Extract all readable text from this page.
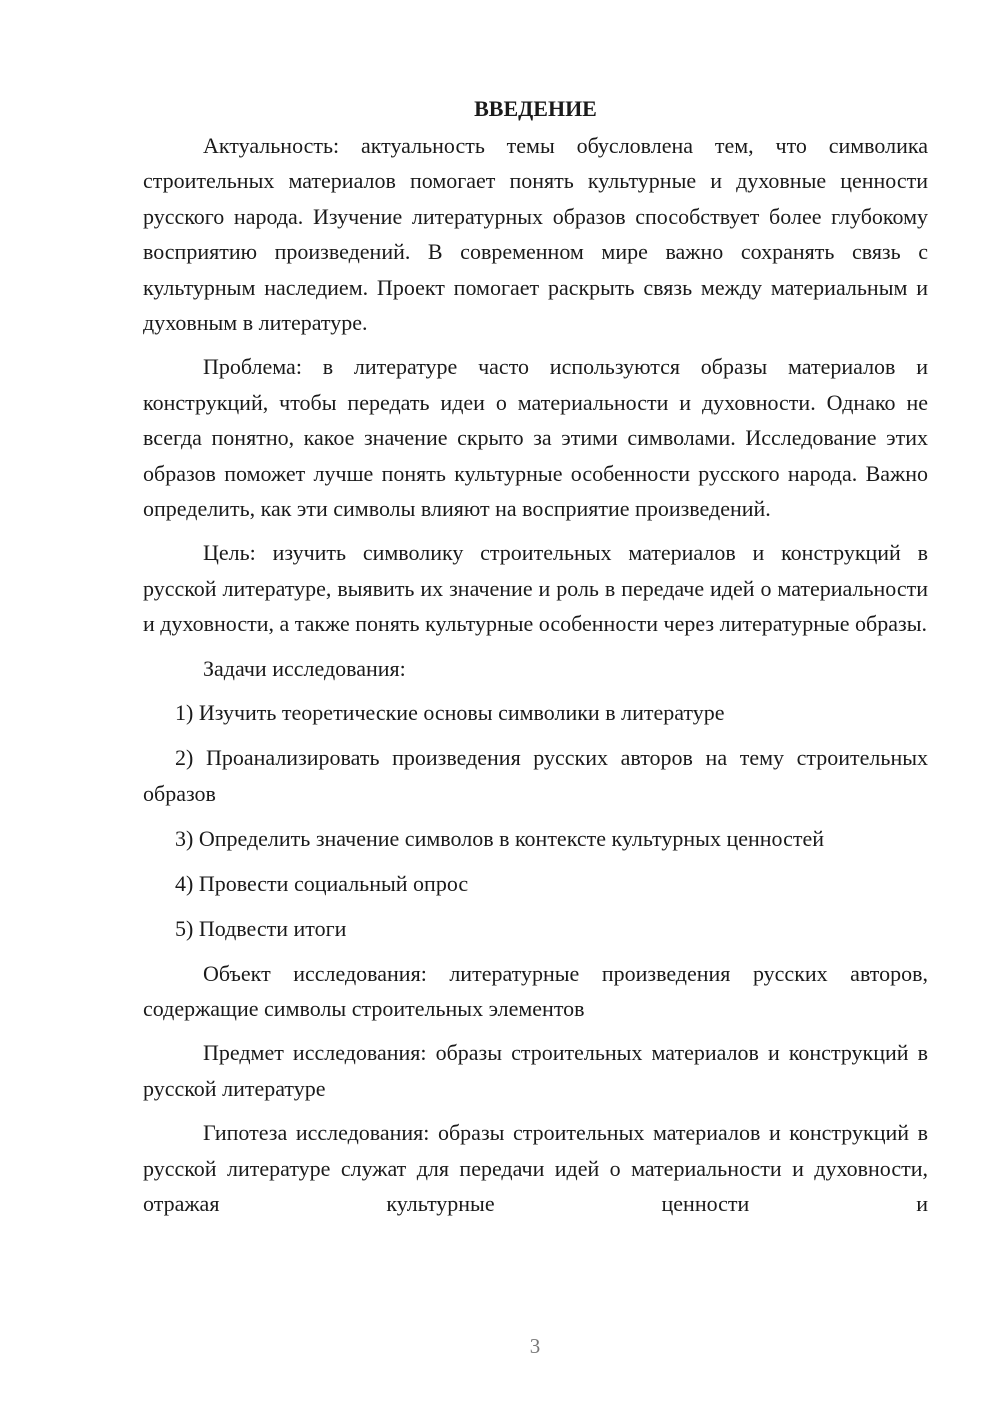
ВВЕДЕНИЕ

Актуальность: актуальность темы обусловлена тем, что символика строительных материалов помогает понять культурные и духовные ценности русского народа. Изучение литературных образов способствует более глубокому восприятию произведений. В современном мире важно сохранять связь с культурным наследием. Проект помогает раскрыть связь между материальным и духовным в литературе.

Проблема: в литературе часто используются образы материалов и конструкций, чтобы передать идеи о материальности и духовности. Однако не всегда понятно, какое значение скрыто за этими символами. Исследование этих образов поможет лучше понять культурные особенности русского народа. Важно определить, как эти символы влияют на восприятие произведений.

Цель: изучить символику строительных материалов и конструкций в русской литературе, выявить их значение и роль в передаче идей о материальности и духовности, а также понять культурные особенности через литературные образы.

Задачи исследования:

1) Изучить теоретические основы символики в литературе

2) Проанализировать произведения русских авторов на тему строительных образов

3) Определить значение символов в контексте культурных ценностей

4) Провести социальный опрос

5) Подвести итоги

Объект исследования: литературные произведения русских авторов, содержащие символы строительных элементов

Предмет исследования: образы строительных материалов и конструкций в русской литературе

Гипотеза исследования: образы строительных материалов и конструкций в русской литературе служат для передачи идей о материальности и духовности, отражая культурные ценности и

3
